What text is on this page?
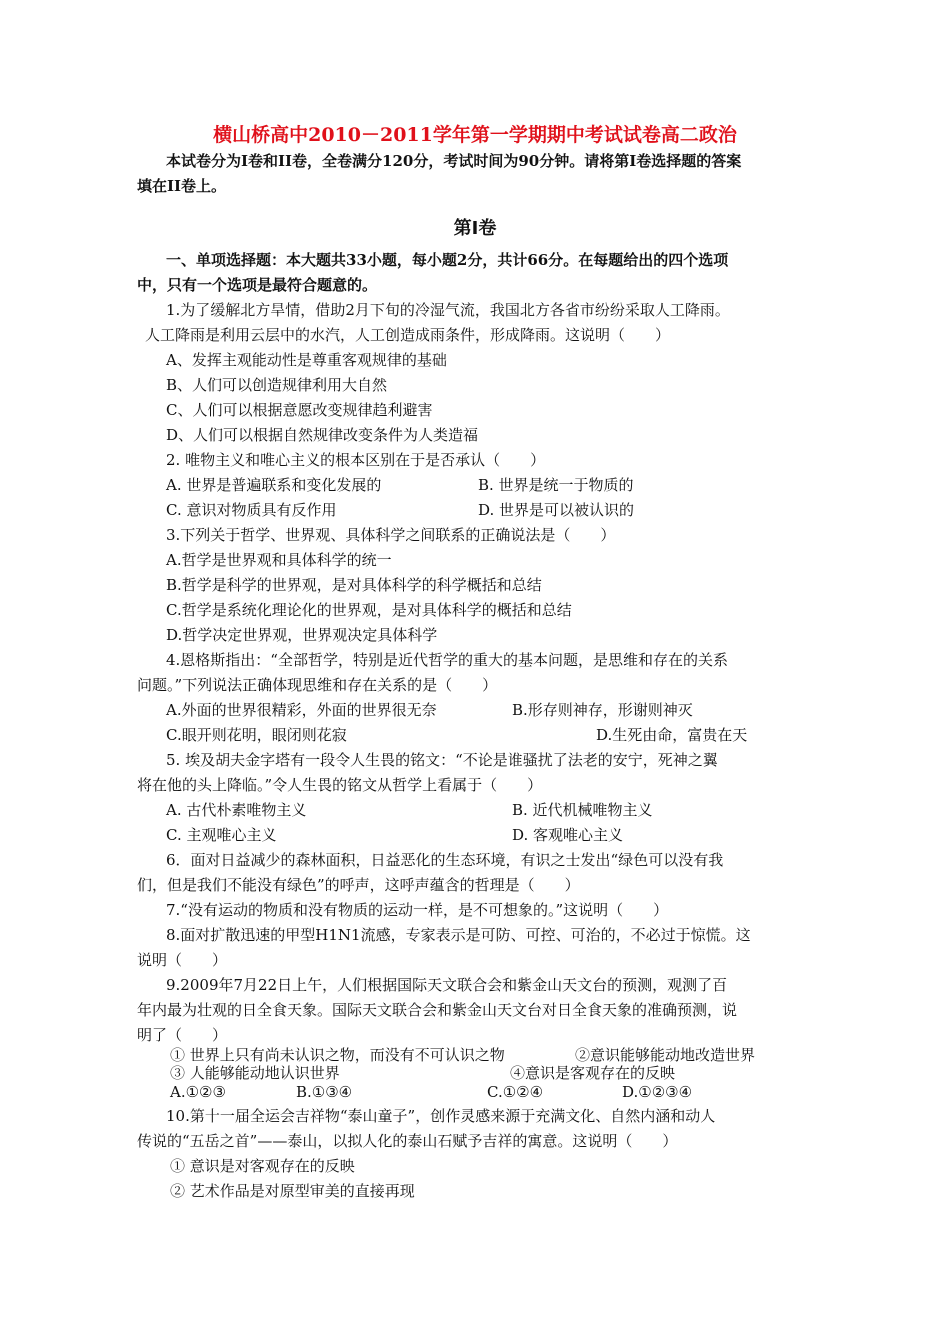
横山桥高中2010－2011学年第一学期期中考试试卷高二政治
本试卷分为I卷和II卷，全卷满分120分，考试时间为90分钟。请将第I卷选择题的答案
填在II卷上。
第Ⅰ卷
一、单项选择题：本大题共33小题，每小题2分，共计66分。在每题给出的四个选项
中，只有一个选项是最符合题意的。
1.为了缓解北方旱情，借助2月下旬的冷湿气流，我国北方各省市纷纷采取人工降雨。
人工降雨是利用云层中的水汽，人工创造成雨条件，形成降雨。这说明（　　）
A、发挥主观能动性是尊重客观规律的基础
B、人们可以创造规律利用大自然
C、人们可以根据意愿改变规律趋利避害
D、人们可以根据自然规律改变条件为人类造福
2. 唯物主义和唯心主义的根本区别在于是否承认（　　）
A. 世界是普遍联系和变化发展的	B. 世界是统一于物质的
C. 意识对物质具有反作用	D. 世界是可以被认识的
3.下列关于哲学、世界观、具体科学之间联系的正确说法是（　　）
A.哲学是世界观和具体科学的统一
B.哲学是科学的世界观，是对具体科学的科学概括和总结
C.哲学是系统化理论化的世界观，是对具体科学的概括和总结
D.哲学决定世界观，世界观决定具体科学
4.恩格斯指出：“全部哲学，特别是近代哲学的重大的基本问题，是思维和存在的关系
问题。”下列说法正确体现思维和存在关系的是（　　）
A.外面的世界很精彩，外面的世界很无奈	B.形存则神存，形谢则神灭
C.眼开则花明，眼闭则花寂	D.生死由命，富贵在天
5. 埃及胡夫金字塔有一段令人生畏的铭文：“不论是谁骚扰了法老的安宁，死神之翼
将在他的头上降临。”令人生畏的铭文从哲学上看属于（　　）
A. 古代朴素唯物主义	B. 近代机械唯物主义
C. 主观唯心主义	D. 客观唯心主义
6．面对日益减少的森林面积，日益恶化的生态环境，有识之士发出“绿色可以没有我
们，但是我们不能没有绿色”的呼声，这呼声蕴含的哲理是（　　）
7.“没有运动的物质和没有物质的运动一样，是不可想象的。”这说明（　　）
8.面对扩散迅速的甲型H1N1流感，专家表示是可防、可控、可治的，不必过于惊慌。这
说明（　　）
9.2009年7月22日上午，人们根据国际天文联合会和紫金山天文台的预测，观测了百
年内最为壮观的日全食天象。国际天文联合会和紫金山天文台对日全食天象的准确预测，说
明了（　　）
① 世界上只有尚未认识之物，而没有不可认识之物	②意识能够能动地改造世界
③ 人能够能动地认识世界	④意识是客观存在的反映
A.①②③	B.①③④	C.①②④	D.①②③④
10.第十一届全运会吉祥物“泰山童子”，创作灵感来源于充满文化、自然内涵和动人
传说的“五岳之首”——泰山，以拟人化的泰山石赋予吉祥的寓意。这说明（　　）
① 意识是对客观存在的反映
② 艺术作品是对原型审美的直接再现
